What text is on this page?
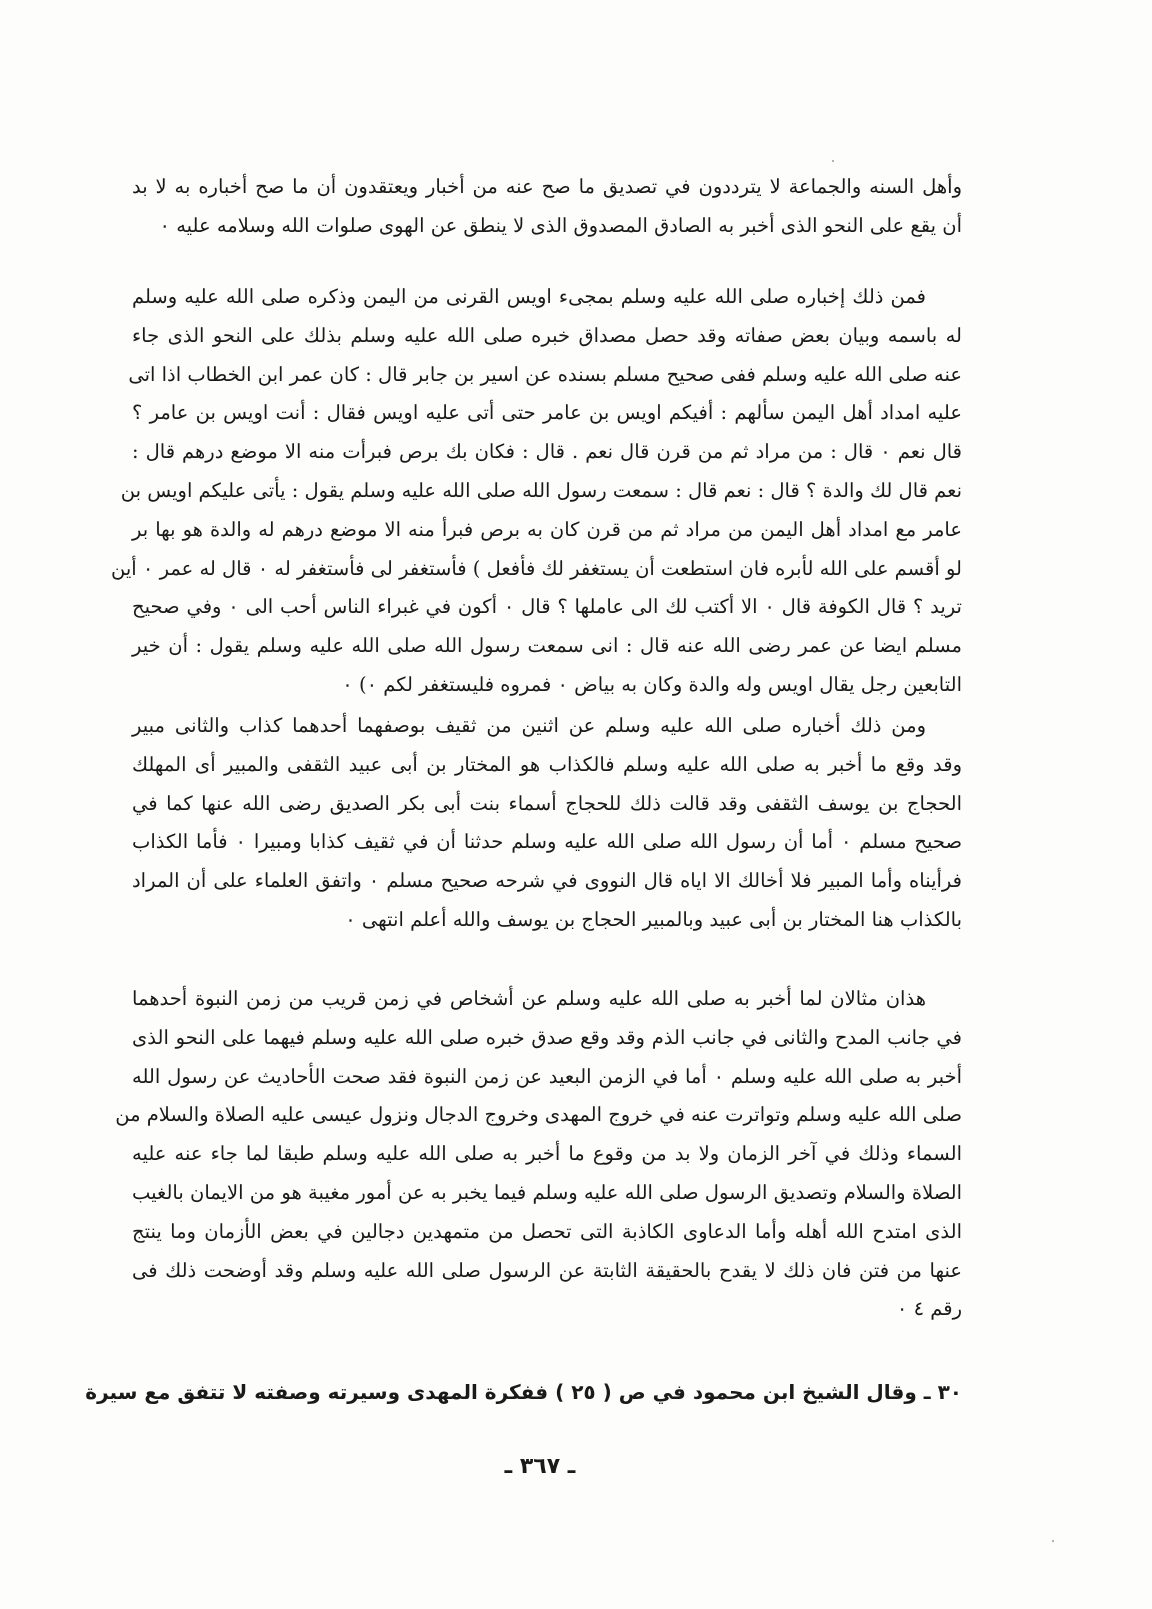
وأهل السنه والجماعة لا يترددون في تصديق ما صح عنه من أخبار ويعتقدون أن ما صح أخباره به لا بد
أن يقع على النحو الذى أخبر به الصادق المصدوق الذى لا ينطق عن الهوى صلوات الله وسلامه عليه ٠
فمن ذلك إخباره صلى الله عليه وسلم بمجىء اويس القرنى من اليمن وذكره صلى الله عليه وسلم
له باسمه وبيان بعض صفاته وقد حصل مصداق خبره صلى الله عليه وسلم بذلك على النحو الذى جاء
عنه صلى الله عليه وسلم ففى صحيح مسلم بسنده عن اسير بن جابر قال : كان عمر ابن الخطاب اذا اتى
عليه امداد أهل اليمن سألهم : أفيكم اويس بن عامر حتى أتى عليه اويس فقال : أنت اويس بن عامر ؟
قال نعم ٠ قال : من مراد ثم من قرن قال نعم . قال : فكان بك برص فبرأت منه الا موضع درهم قال :
نعم قال لك والدة ؟ قال : نعم قال : سمعت رسول الله صلى الله عليه وسلم يقول : يأتى عليكم اويس بن
عامر مع امداد أهل اليمن من مراد ثم من قرن كان به برص فبرأ منه الا موضع درهم له والدة هو بها بر
لو أقسم على الله لأبره فان استطعت أن يستغفر لك فأفعل ) فأستغفر لى فأستغفر له ٠ قال له عمر ٠ أين
تريد ؟ قال الكوفة قال ٠ الا أكتب لك الى عاملها ؟ قال ٠ أكون في غبراء الناس أحب الى ٠ وفي صحيح
مسلم ايضا عن عمر رضى الله عنه قال : انى سمعت رسول الله صلى الله عليه وسلم يقول : أن خير
التابعين رجل يقال اويس وله والدة وكان به بياض ٠ فمروه فليستغفر لكم ٠) ٠
ومن ذلك أخباره صلى الله عليه وسلم عن اثنين من ثقيف بوصفهما أحدهما كذاب والثانى مبير
وقد وقع ما أخبر به صلى الله عليه وسلم فالكذاب هو المختار بن أبى عبيد الثقفى والمبير أى المهلك
الحجاج بن يوسف الثقفى وقد قالت ذلك للحجاج أسماء بنت أبى بكر الصديق رضى الله عنها كما في
صحيح مسلم ٠ أما أن رسول الله صلى الله عليه وسلم حدثنا أن في ثقيف كذابا ومبيرا ٠ فأما الكذاب
فرأيناه وأما المبير فلا أخالك الا اياه قال النووى في شرحه صحيح مسلم ٠ واتفق العلماء على أن المراد
بالكذاب هنا المختار بن أبى عبيد وبالمبير الحجاج بن يوسف والله أعلم انتهى ٠
هذان مثالان لما أخبر به صلى الله عليه وسلم عن أشخاص في زمن قريب من زمن النبوة أحدهما
في جانب المدح والثانى في جانب الذم وقد وقع صدق خبره صلى الله عليه وسلم فيهما على النحو الذى
أخبر به صلى الله عليه وسلم ٠ أما في الزمن البعيد عن زمن النبوة فقد صحت الأحاديث عن رسول الله
صلى الله عليه وسلم وتواترت عنه في خروج المهدى وخروج الدجال ونزول عيسى عليه الصلاة والسلام من
السماء وذلك في آخر الزمان ولا بد من وقوع ما أخبر به صلى الله عليه وسلم طبقا لما جاء عنه عليه
الصلاة والسلام وتصديق الرسول صلى الله عليه وسلم فيما يخبر به عن أمور مغيبة هو من الايمان بالغيب
الذى امتدح الله أهله وأما الدعاوى الكاذبة التى تحصل من متمهدين دجالين في بعض الأزمان وما ينتج
عنها من فتن فان ذلك لا يقدح بالحقيقة الثابتة عن الرسول صلى الله عليه وسلم وقد أوضحت ذلك فى
رقم ٤ ٠
٣٠ ـ وقال الشيخ ابن محمود في ص ( ٢٥ ) ففكرة المهدى وسيرته وصفته لا تتفق مع سيرة
ـ ٣٦٧ ـ
